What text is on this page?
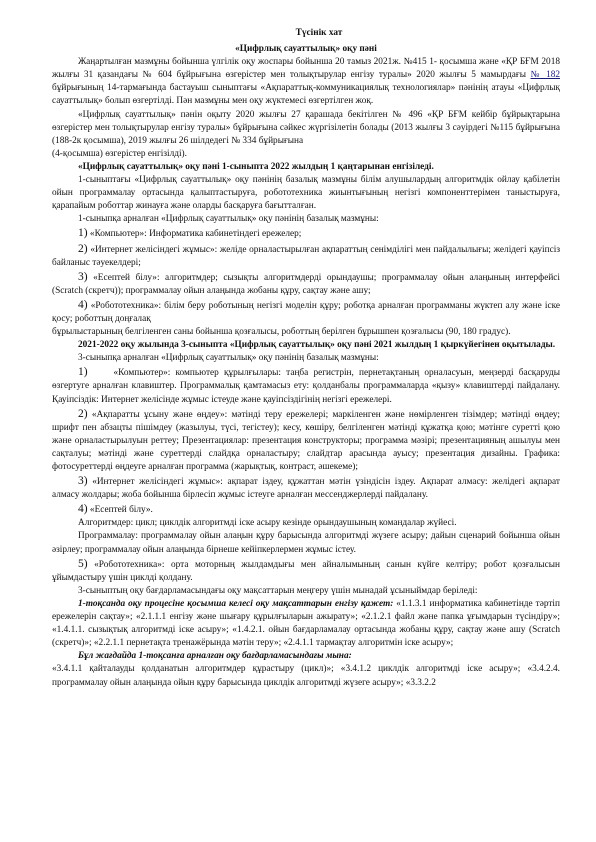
Түсінік хат

«Цифрлық сауаттылық» оқу пәні

Жаңартылған мазмұны бойынша үлгілік оқу жоспары бойынша 20 тамыз 2021ж. №415 1- қосымша және «ҚР БҒМ 2018 жылғы 31 қазандағы № 604 бұйрығына өзгерістер мен толықтырулар енгізу туралы» 2020 жылғы 5 мамырдағы № 182 бұйрығының 14-тармағында бастауыш сыныптағы «Ақпараттық-коммуникациялық технологиялар» пәнінің атауы «Цифрлық сауаттылық» болып өзгертілді. Пән мазмұны мен оқу жүктемесі өзгертілген жоқ.

«Цифрлық сауаттылық» пәнін оқыту 2020 жылғы 27 қарашада бекітілген № 496 «ҚР БҒМ кейбір бұйрықтарына өзгерістер мен толықтырулар енгізу туралы» бұйрығына сәйкес жүргізілетін болады (2013 жылғы 3 сәуірдегі №115 бұйрығына (188-2к қосымша), 2019 жылғы 26 шілдедегі № 334 бұйрығына

(4-қосымша) өзгерістер енгізілді).

«Цифрлық сауаттылық» оқу пәні 1-сыныпта 2022 жылдың 1 қаңтарынан енгізіледі.

1-сыныптағы «Цифрлық сауаттылық» оқу пәнінің базалық мазмұны білім алушылардың алгоритмдік ойлау қабілетін ойын программалау ортасында қалыптастыруға, робототехника жиынтығының негізгі компоненттерімен таныстыруға, қарапайым роботтар жинауға және оларды басқаруға бағытталған.

1-сыныпқа арналған «Цифрлық сауаттылық» оқу пәнінің базалық мазмұны:

1) «Компьютер»: Информатика кабинетіндегі ережелер;

2) «Интернет желісіндегі жұмыс»: желіде орналастырылған ақпараттың сенімділігі мен пайдалылығы; желідегі қауіпсіз байланыс тәуекелдері;

3) «Есептей білу»: алгоритмдер; сызықты алгоритмдерді орындаушы; программалау ойын алаңының интерфейсі (Scratch (скретч)); программалау ойын алаңында жобаны құру, сақтау және ашу;

4) «Робототехника»: білім беру роботының негізгі моделін құру; роботқа арналған программаны жүктеп алу және іске қосу; роботтың доңғалақ

бұрылыстарының белгіленген саны бойынша қозғалысы, роботтың берілген бұрышпен қозғалысы (90, 180 градус).

2021-2022 оқу жылында 3-сыныпта «Цифрлық сауаттылық» оқу пәні 2021 жылдың 1 қыркүйегінен оқытылады.

3-сыныпқа арналған «Цифрлық сауаттылық» оқу пәнінің базалық мазмұны:

1)	«Компьютер»: компьютер құрылғылары: таңба регистрін, пернетақтаның орналасуын, меңзерді басқаруды өзгертуге арналған клавиштер. Программалық қамтамасыз ету: қолданбалы программаларда «қызу» клавиштерді пайдалану. Қауіпсіздік: Интернет желісінде жұмыс істеуде және қауіпсіздігінің негізгі ережелері.

2) «Ақпаратты ұсыну және өңдеу»: мәтінді теру ережелері; маркіленген және нөмірленген тізімдер; мәтінді өңдеу; шрифт пен абзацты пішімдеу (жазылуы, түсі, тегістеу); кесу, көшіру, белгіленген мәтінді құжатқа қою; мәтінге суретті қою және орналастырылуын реттеу; Презентациялар: презентация конструкторы; программа мәзірі; презентацияның ашылуы мен сақталуы; мәтінді және суреттерді слайдқа орналастыру; слайдтар арасында ауысу; презентация дизайны. Графика: фотосуреттерді өңдеуге арналған программа (жарықтық, контраст, әшекеме);

3) «Интернет желісіндегі жұмыс»: ақпарат іздеу, құжаттан мәтін үзіндісін іздеу. Ақпарат алмасу: желідегі ақпарат алмасу жолдары; жоба бойынша бірлесіп жұмыс істеуге арналған мессенджерлерді пайдалану.

4) «Есептей білу».

Алгоритмдер: цикл; циклдік алгоритмдi іске асыру кезінде орындаушының командалар жүйесі.

Программалау: программалау ойын алаңын құру барысында алгоритмді жүзеге асыру; дайын сценарий бойынша ойын әзірлеу; программалау ойын алаңында бірнеше кейіпкерлермен жұмыс істеу.

5) «Робототехника»: орта моторның жылдамдығы мен айналымының санын күйге келтіру; робот қозғалысын ұйымдастыру үшін циклді қолдану.

3-сыныптың оқу бағдарламасындағы оқу мақсаттарын меңгеру үшін мынадай ұсыныймдар беріледі:

1-тоқсанда оқу процесіне қосымша келесі оқу мақсаттарын енгізу қажет: «1.1.3.1 информатика кабинетінде тәртіп ережелерін сақтау»; «2.1.1.1 енгізу және шығару құрылғыларын ажырату»; «2.1.2.1 файл және папка ұғымдарын түсіндіру»; «1.4.1.1. сызықтық алгоритмді іске асыру»; «1.4.2.1. ойын бағдарламалау ортасында жобаны құру, сақтау және ашу (Scratch (скретч)»; «2.2.1.1 пернетақта тренажёрында мәтін теру»; «2.4.1.1 тармақтау алгоритмін іске асыру»;

Бұл жағдайда 1-тоқсанға арналған оқу бағдарламасындағы мына:

«3.4.1.1 қайталауды қолданатын алгоритмдер құрастыру (цикл)»; «3.4.1.2 циклдік алгоритмді іске асыру»; «3.4.2.4. программалау ойын алаңында ойын құру барысында циклдік алгоритмді жүзеге асыру»; «3.3.2.2
